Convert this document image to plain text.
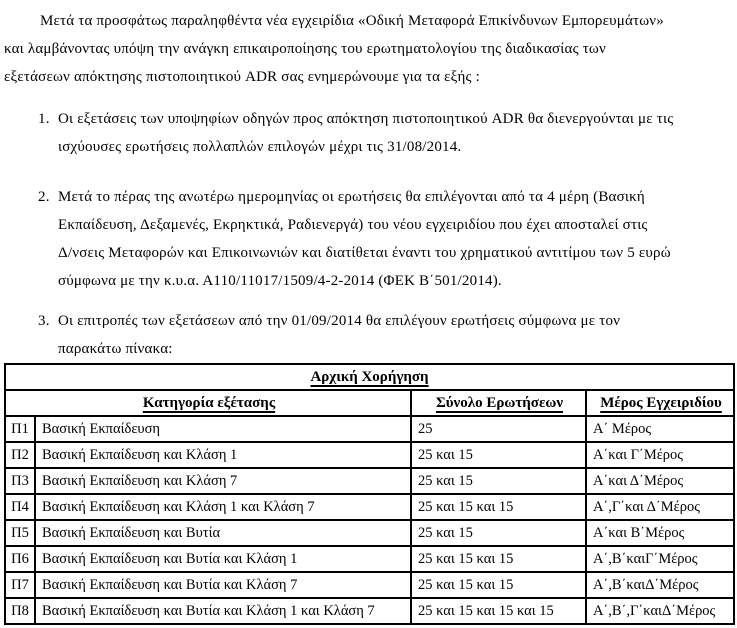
Μετά τα προσφάτως παραληφθέντα νέα εγχειρίδια «Οδική Μεταφορά Επικίνδυνων Εμπορευμάτων»
και λαμβάνοντας υπόψη την ανάγκη επικαιροποίησης του ερωτηματολογίου της διαδικασίας των
εξετάσεων απόκτησης πιστοποιητικού ADR σας ενημερώνουμε για τα εξής :

1. Οι εξετάσεις των υποψηφίων οδηγών προς απόκτηση πιστοποιητικού ADR θα διενεργούνται με τις
ισχύουσες ερωτήσεις πολλαπλών επιλογών μέχρι τις 31/08/2014.
2. Μετά το πέρας της ανωτέρω ημερομηνίας οι ερωτήσεις θα επιλέγονται από τα 4 μέρη (Βασική
Εκπαίδευση, Δεξαμενές, Εκρηκτικά, Ραδιενεργά) του νέου εγχειριδίου που έχει αποσταλεί στις
Δ/νσεις Μεταφορών και Επικοινωνιών και διατίθεται έναντι του χρηματικού αντιτίμου των 5 ευρώ
σύμφωνα με την κ.υ.α. Α110/11017/1509/4-2-2014 (ΦΕΚ Β΄501/2014).
3. Οι επιτροπές των εξετάσεων από την 01/09/2014 θα επιλέγουν ερωτήσεις σύμφωνα με τον
παρακάτω πίνακα:
Αρχική Χορήγηση			
Κατηγορία εξέτασης		Σύνολο Ερωτήσεων	Μέρος Εγχειριδίου
Π1	Βασική Εκπαίδευση	25	Α΄ Μέρος
Π2	Βασική Εκπαίδευση και Κλάση 1	25 και 15	Α΄και Γ΄Μέρος
Π3	Βασική Εκπαίδευση και Κλάση 7	25 και 15	Α΄και Δ΄Μέρος
Π4	Βασική Εκπαίδευση και Κλάση 1 και Κλάση 7	25 και 15 και 15	Α΄,Γ΄και Δ΄Μέρος
Π5	Βασική Εκπαίδευση και Βυτία	25 και 15	Α΄και Β΄Μέρος
Π6	Βασική Εκπαίδευση και Βυτία και Κλάση 1	25 και 15 και 15	Α΄,Β΄καιΓ΄Μέρος
Π7	Βασική Εκπαίδευση και Βυτία και Κλάση 7	25 και 15 και 15	Α΄,Β΄καιΔ΄Μέρος
Π8	Βασική Εκπαίδευση και Βυτία και Κλάση 1 και Κλάση 7	25 και 15 και 15 και 15	Α΄,Β΄,Γ΄καιΔ΄Μέρος
